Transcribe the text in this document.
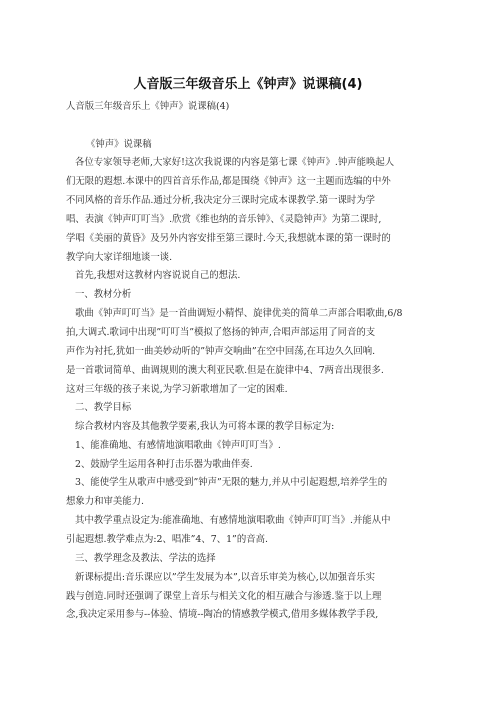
人音版三年级音乐上《钟声》说课稿(4)
人音版三年级音乐上《钟声》说课稿(4)
《钟声》说课稿
各位专家领导老师,大家好!这次我说课的内容是第七课《钟声》.钟声能唤起人
们无限的遐想.本课中的四首音乐作品,都是围绕《钟声》这一主题而选编的中外
不同风格的音乐作品.通过分析,我决定分三课时完成本课教学.第一课时为学
唱、表演《钟声叮叮当》.欣赏《维也纳的音乐钟》、《灵隐钟声》为第二课时,
学唱《美丽的黄昏》及另外内容安排至第三课时.今天,我想就本课的第一课时的
教学向大家详细地谈一谈.
首先,我想对这教材内容说说自己的想法.
一、教材分析
歌曲《钟声叮叮当》是一首曲调短小精悍、旋律优美的简单二声部合唱歌曲,6/8
拍,大调式.歌词中出现”叮叮当”模拟了悠扬的钟声,合唱声部运用了同音的支
声作为衬托,犹如一曲美妙动听的”钟声交响曲”在空中回荡,在耳边久久回响.
是一首歌词简单、曲调规则的澳大利亚民歌.但是在旋律中4、7两音出现很多.
这对三年级的孩子来说,为学习新歌增加了一定的困难.
二、教学目标
综合教材内容及其他教学要素,我认为可将本课的教学目标定为:
1、能准确地、有感情地演唱歌曲《钟声叮叮当》.
2、鼓励学生运用各种打击乐器为歌曲伴奏.
3、能使学生从歌声中感受到”钟声”无限的魅力,并从中引起遐想,培养学生的
想象力和审美能力.
其中教学重点设定为:能准确地、有感情地演唱歌曲《钟声叮叮当》.并能从中
引起遐想.教学难点为:2、唱准”4、7、1”的音高.
三、教学理念及教法、学法的选择
新课标提出:音乐课应以”学生发展为本”,以音乐审美为核心,以加强音乐实
践与创造.同时还强调了课堂上音乐与相关文化的相互融合与渗透.鉴于以上理
念,我决定采用参与--体验、情境--陶冶的情感教学模式,借用多媒体教学手段,
